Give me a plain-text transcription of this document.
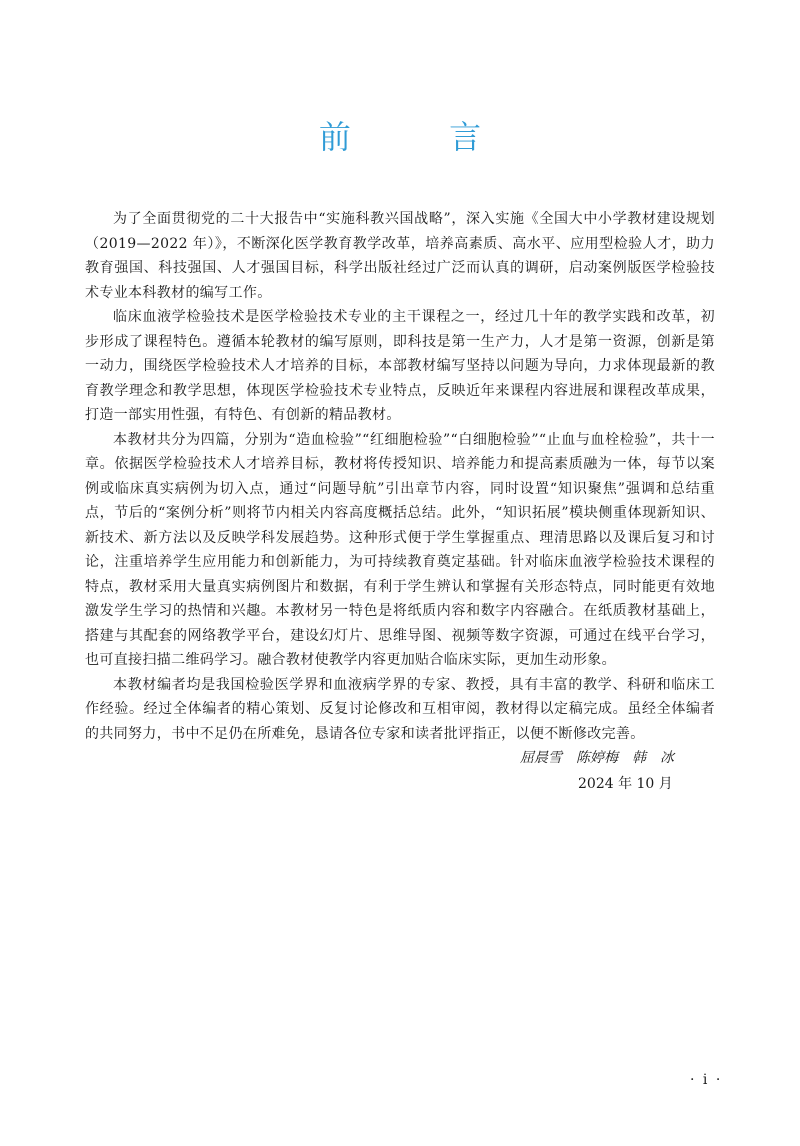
前 言

为了全面贯彻党的二十大报告中“实施科教兴国战略”，深入实施《全国大中小学教材建设规划（2019—2022 年）》，不断深化医学教育教学改革，培养高素质、高水平、应用型检验人才，助力教育强国、科技强国、人才强国目标，科学出版社经过广泛而认真的调研，启动案例版医学检验技术专业本科教材的编写工作。

临床血液学检验技术是医学检验技术专业的主干课程之一，经过几十年的教学实践和改革，初步形成了课程特色。遵循本轮教材的编写原则，即科技是第一生产力，人才是第一资源，创新是第一动力，围绕医学检验技术人才培养的目标，本部教材编写坚持以问题为导向，力求体现最新的教育教学理念和教学思想，体现医学检验技术专业特点，反映近年来课程内容进展和课程改革成果，打造一部实用性强，有特色、有创新的精品教材。

本教材共分为四篇，分别为“造血检验”“红细胞检验”“白细胞检验”“止血与血栓检验”，共十一章。依据医学检验技术人才培养目标，教材将传授知识、培养能力和提高素质融为一体，每节以案例或临床真实病例为切入点，通过“问题导航”引出章节内容，同时设置“知识聚焦”强调和总结重点，节后的“案例分析”则将节内相关内容高度概括总结。此外，“知识拓展”模块侧重体现新知识、新技术、新方法以及反映学科发展趋势。这种形式便于学生掌握重点、理清思路以及课后复习和讨论，注重培养学生应用能力和创新能力，为可持续教育奠定基础。针对临床血液学检验技术课程的特点，教材采用大量真实病例图片和数据，有利于学生辨认和掌握有关形态特点，同时能更有效地激发学生学习的热情和兴趣。本教材另一特色是将纸质内容和数字内容融合。在纸质教材基础上，搭建与其配套的网络教学平台，建设幻灯片、思维导图、视频等数字资源，可通过在线平台学习，也可直接扫描二维码学习。融合教材使教学内容更加贴合临床实际，更加生动形象。

本教材编者均是我国检验医学界和血液病学界的专家、教授，具有丰富的教学、科研和临床工作经验。经过全体编者的精心策划、反复讨论修改和互相审阅，教材得以定稿完成。虽经全体编者的共同努力，书中不足仍在所难免，恳请各位专家和读者批评指正，以便不断修改完善。

屈晨雪　陈婷梅　韩　冰
2024 年 10 月
· i ·
